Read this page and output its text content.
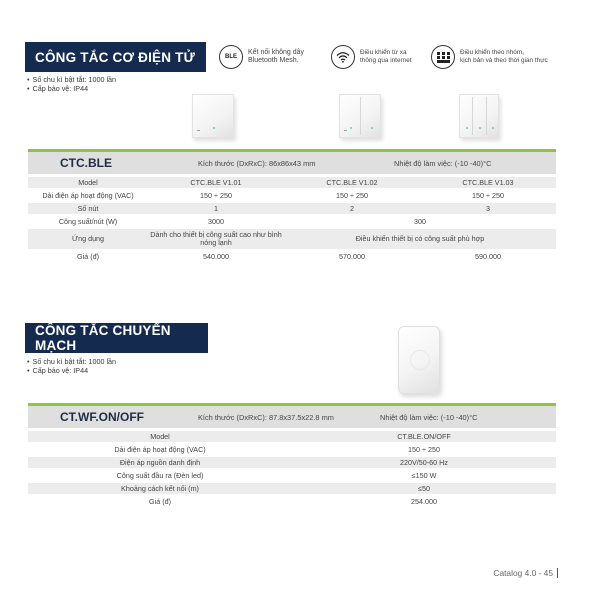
CÔNG TẮC CƠ ĐIỆN TỬ	BLE
Kết nối không dây
Bluetooth Mesh.
Điều khiển từ xa
thông qua internet
Điều khiển theo nhóm,
kịch bản và theo thời gian thực
• Số chu kì bật tắt: 1000 lần
• Cấp bảo vệ: IP44
▬	▬
CTC.BLE	Kích thước (DxRxC): 86x86x43 mm	Nhiệt độ làm việc: (-10 -40)°C
Model	CTC.BLE V1.01	CTC.BLE V1.02	CTC.BLE V1.03
Dải điện áp hoạt động (VAC)	150 ÷ 250	150 ÷ 250	150 ÷ 250
Số nút	1	2	3
Công suất/nút (W)	3000	300	
Ứng dụng	Dành cho thiết bị công suất cao như bình nóng lạnh	Điều khiển thiết bị có công suất phù hợp	
Giá (đ)	540.000	570.000	590.000
CÔNG TẮC CHUYỂN MẠCH
• Số chu kì bật tắt: 1000 lần
• Cấp bảo vệ: IP44
CT.WF.ON/OFF	Kích thước (DxRxC): 87.8x37.5x22.8 mm	Nhiệt độ làm việc: (-10 -40)°C
Model	CT.BLE.ON/OFF
Dải điện áp hoạt động (VAC)	150 ÷ 250
Điện áp nguồn danh định	220V/50-60 Hz
Công suất đầu ra (Đèn led)	≤150 W
Khoảng cách kết nối (m)	≤50
Giá (đ)	254.000
Catalog 4.0 - 45
